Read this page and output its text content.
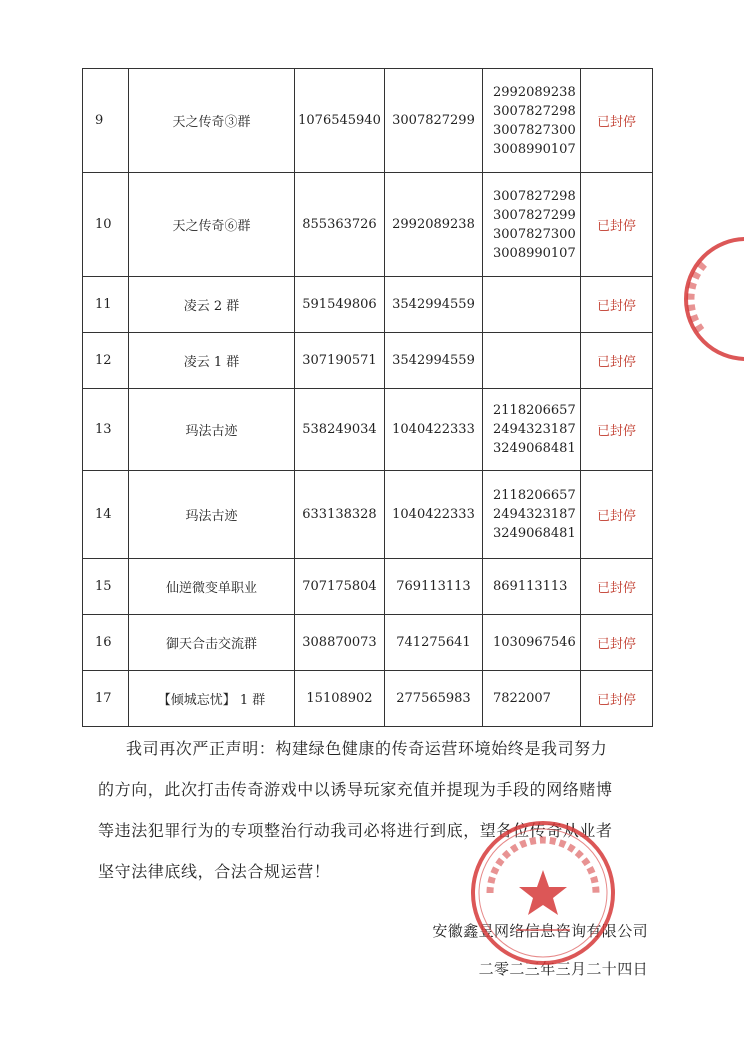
9	天之传奇③群	1076545940	3007827299	2992089238
3007827298
3007827300
3008990107	已封停
10	天之传奇⑥群	855363726	2992089238	3007827298
3007827299
3007827300
3008990107	已封停
11	凌云 2 群	591549806	3542994559		已封停
12	凌云 1 群	307190571	3542994559		已封停
13	玛法古迹	538249034	1040422333	2118206657
2494323187
3249068481	已封停
14	玛法古迹	633138328	1040422333	2118206657
2494323187
3249068481	已封停
15	仙逆微变单职业	707175804	769113113	869113113	已封停
16	御天合击交流群	308870073	741275641	1030967546	已封停
17	【倾城忘忧】 1 群	15108902	277565983	7822007	已封停
我司再次严正声明：构建绿色健康的传奇运营环境始终是我司努力
的方向，此次打击传奇游戏中以诱导玩家充值并提现为手段的网络赌博
等违法犯罪行为的专项整治行动我司必将进行到底，望各位传奇从业者
坚守法律底线，合法合规运营！
安徽鑫昱网络信息咨询有限公司
二零二三年三月二十四日
